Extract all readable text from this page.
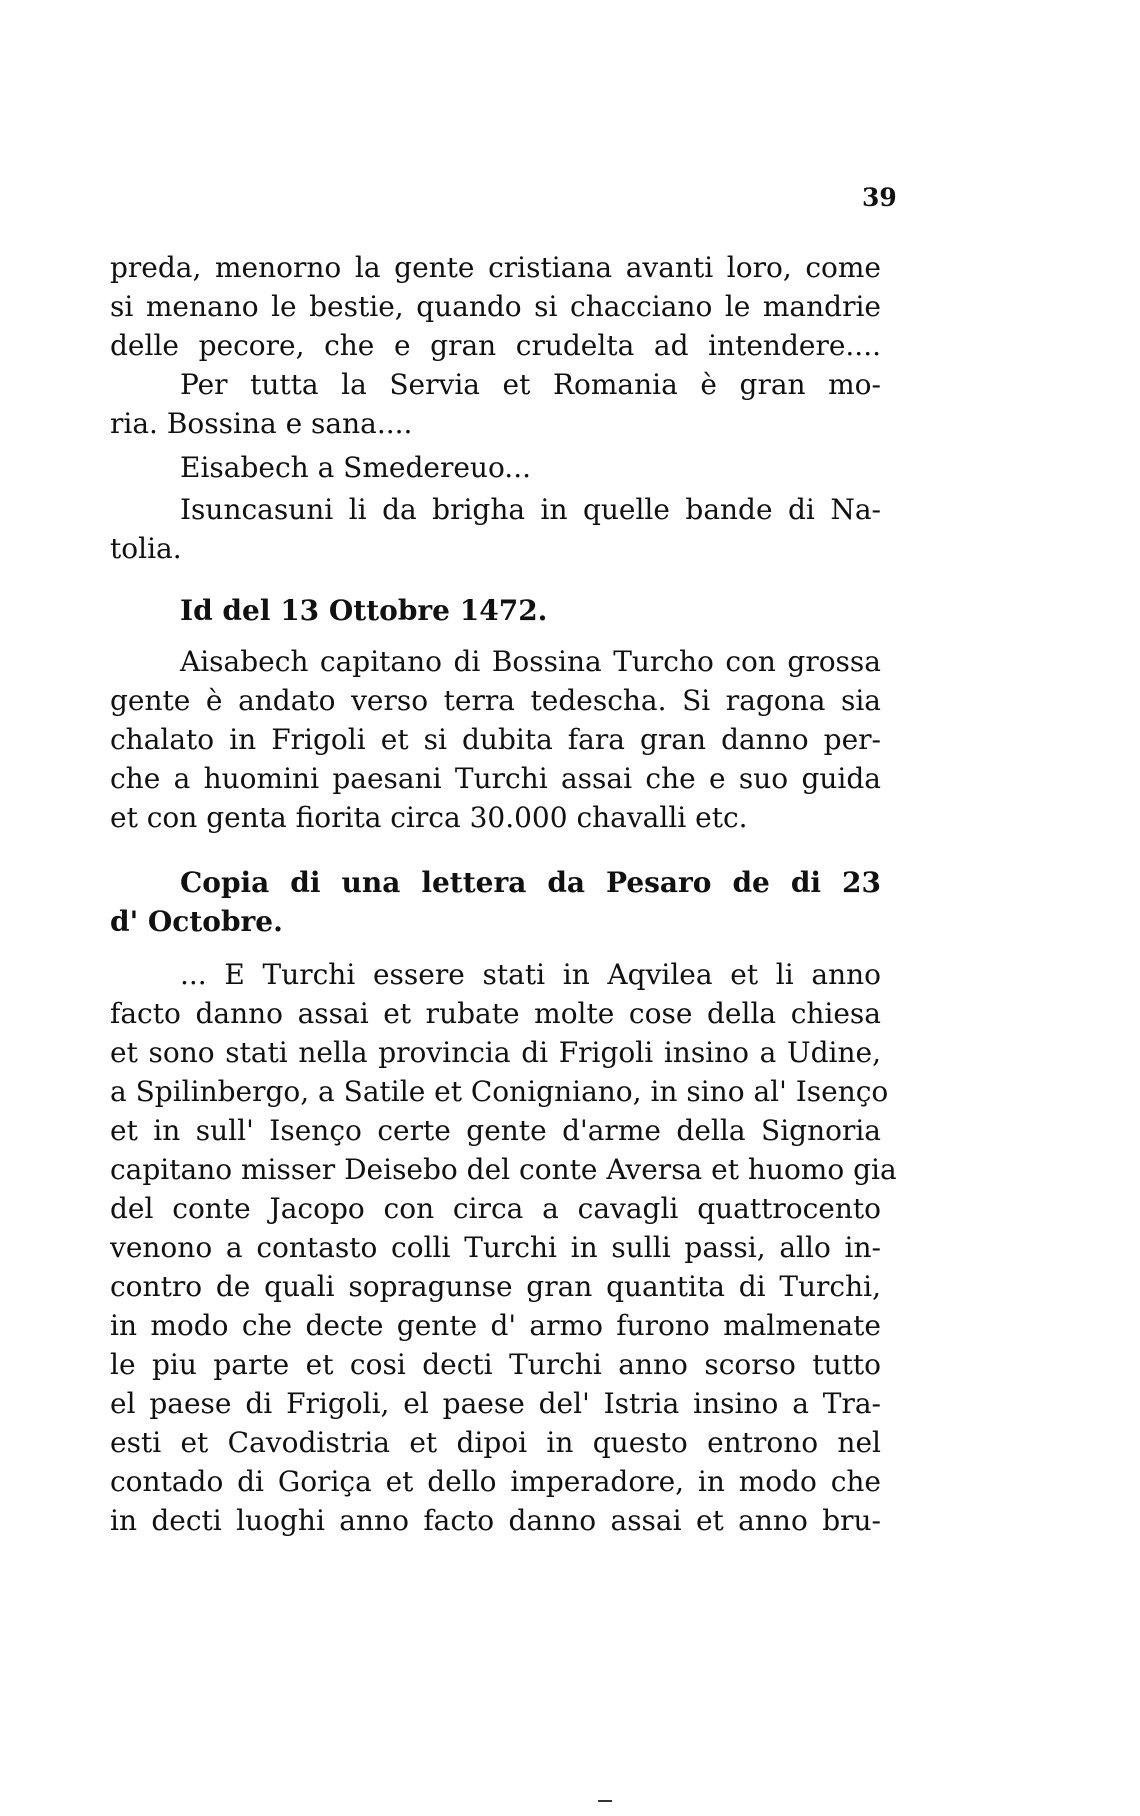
39
preda, menorno la gente cristiana avanti loro, come
si menano le bestie, quando si chacciano le mandrie
delle pecore, che e gran crudelta ad intendere....
Per tutta la Servia et Romania è gran mo-
ria. Bossina e sana....
Eisabech a Smedereuo...
Isuncasuni li da brigha in quelle bande di Na-
tolia.
Id del 13 Ottobre 1472.
Aisabech capitano di Bossina Turcho con grossa
gente è andato verso terra tedescha. Si ragona sia
chalato in Frigoli et si dubita fara gran danno per-
che a huomini paesani Turchi assai che e suo guida
et con genta fiorita circa 30.000 chavalli etc.
Copia di una lettera da Pesaro de di 23
d' Octobre.
... E Turchi essere stati in Aqvilea et li anno
facto danno assai et rubate molte cose della chiesa
et sono stati nella provincia di Frigoli insino a Udine,
a Spilinbergo, a Satile et Conigniano, in sino al' Isenço
et in sull' Isenço certe gente d'arme della Signoria
capitano misser Deisebo del conte Aversa et huomo gia
del conte Jacopo con circa a cavagli quattrocento
venono a contasto colli Turchi in sulli passi, allo in-
contro de quali sopragunse gran quantita di Turchi,
in modo che decte gente d' armo furono malmenate
le piu parte et cosi decti Turchi anno scorso tutto
el paese di Frigoli, el paese del' Istria insino a Tra-
esti et Cavodistria et dipoi in questo entrono nel
contado di Goriça et dello imperadore, in modo che
in decti luoghi anno facto danno assai et anno bru-
